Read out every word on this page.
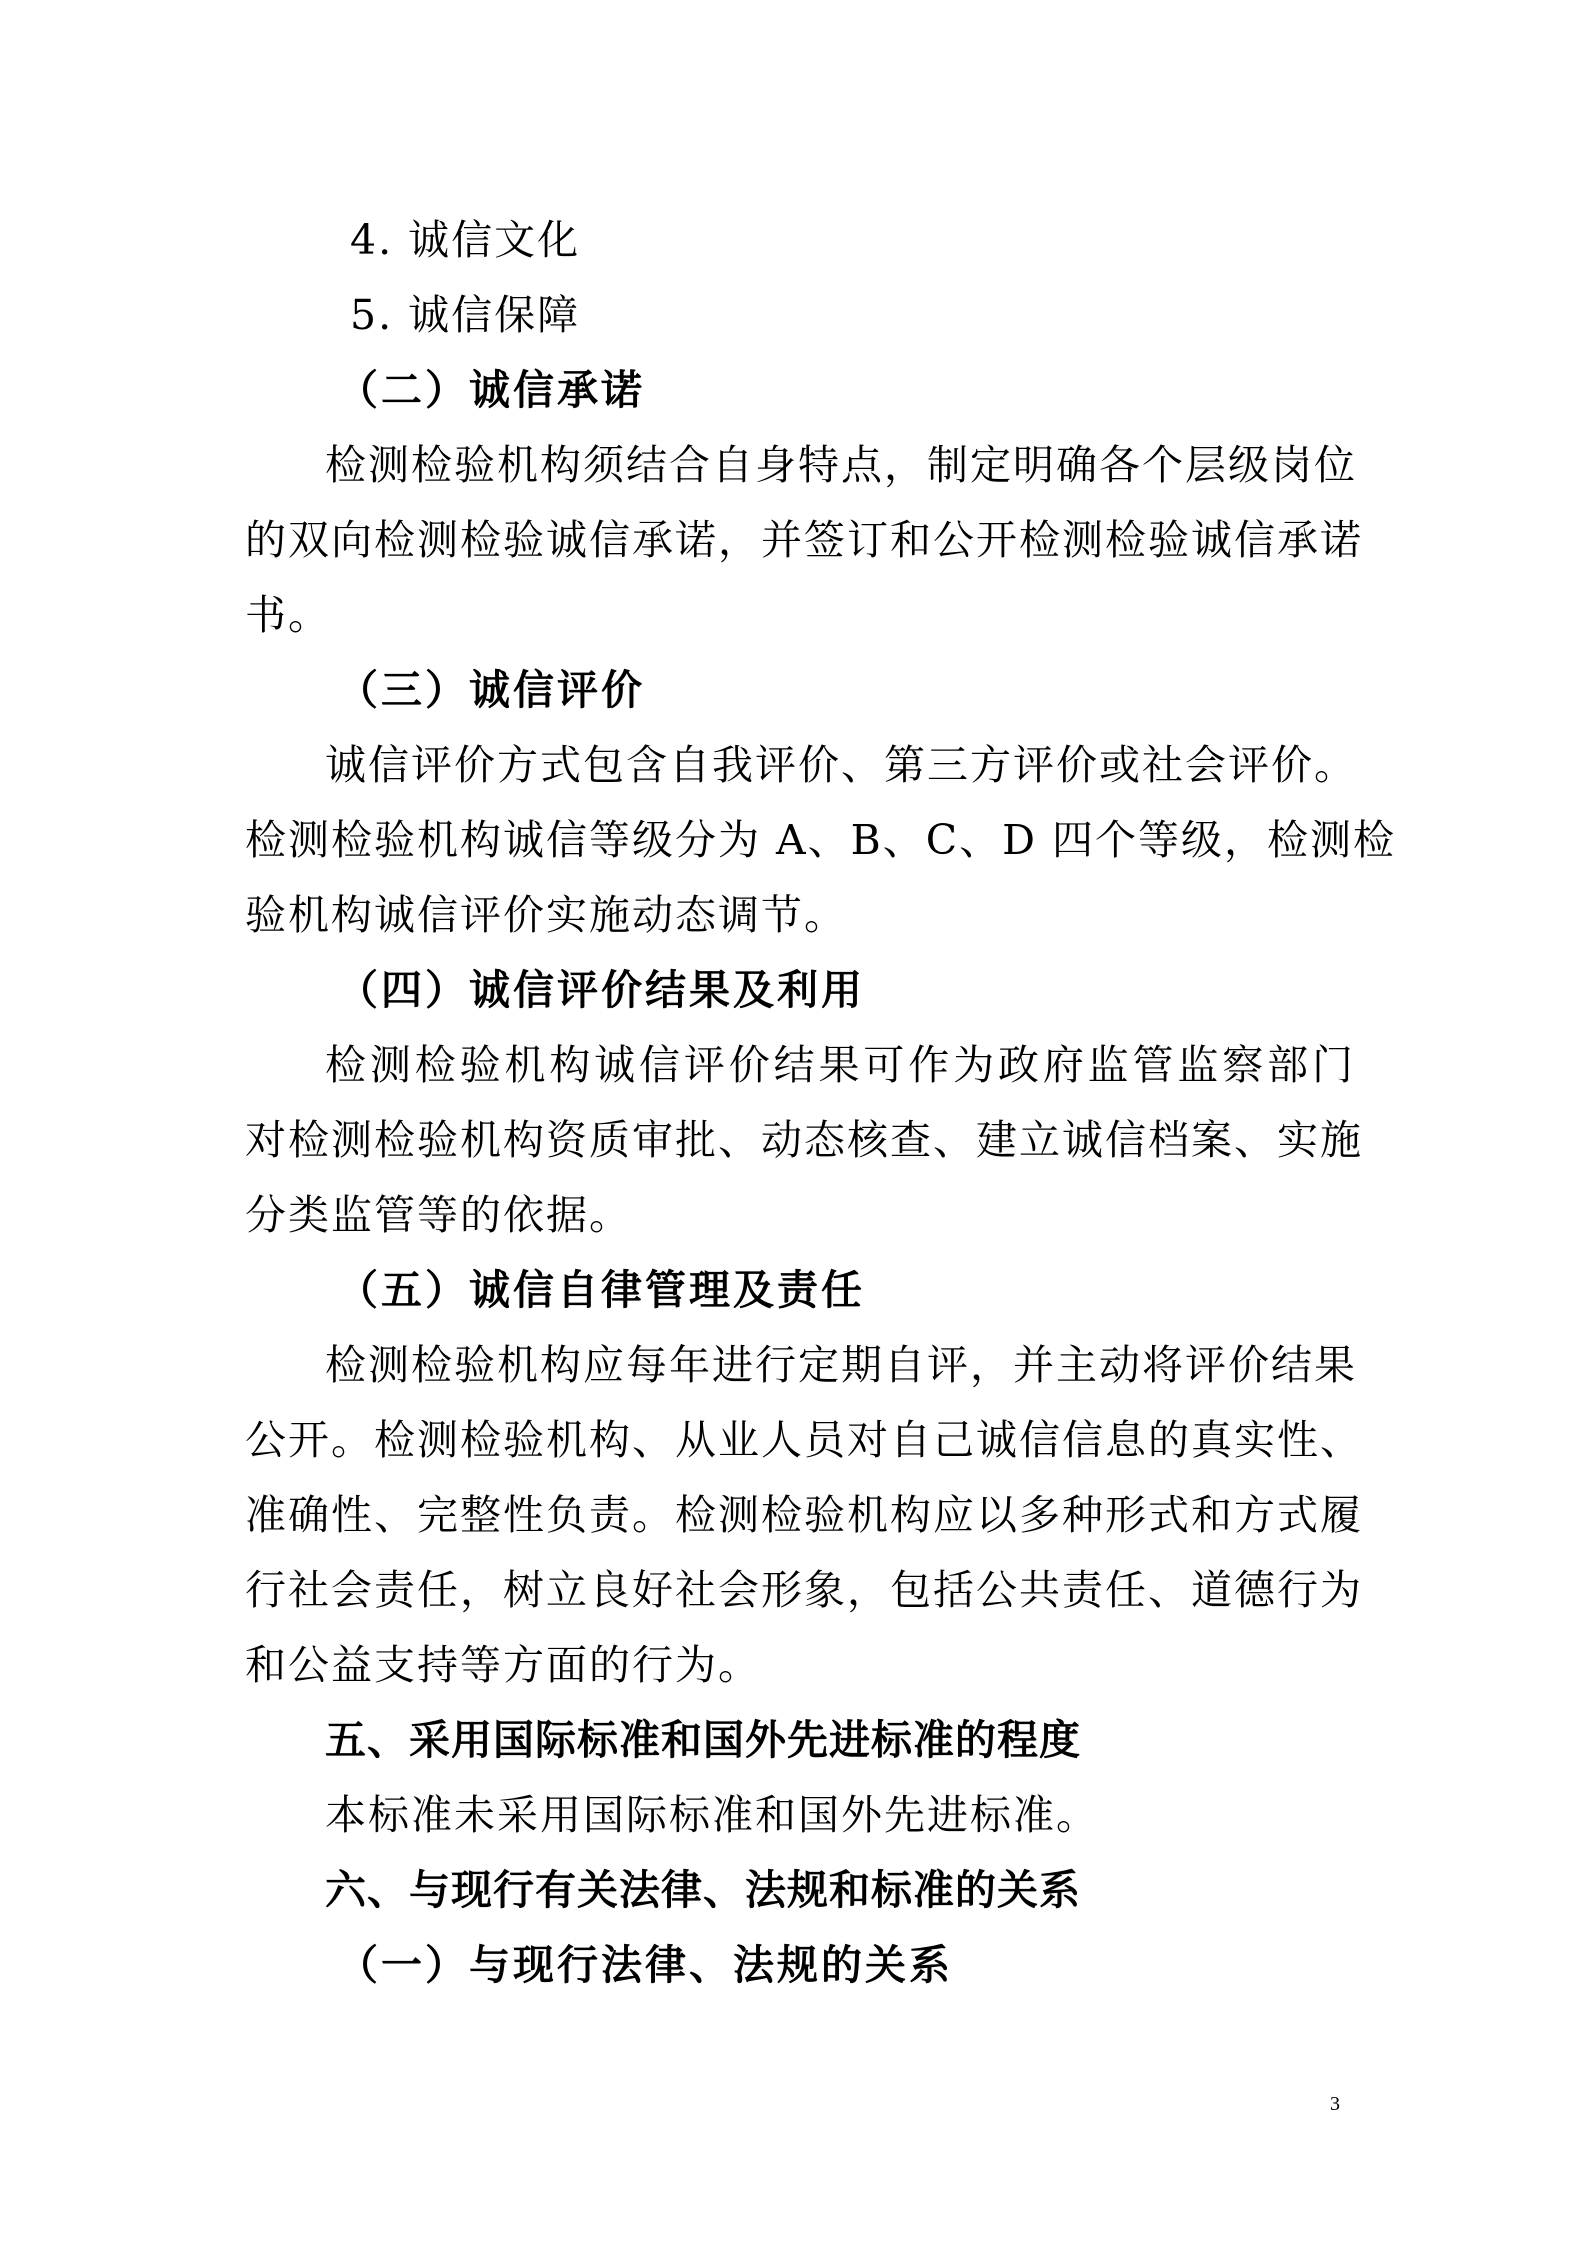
4. 诚信文化

5. 诚信保障

（二）诚信承诺

检测检验机构须结合自身特点，制定明确各个层级岗位

的双向检测检验诚信承诺，并签订和公开检测检验诚信承诺

书。

（三）诚信评价

诚信评价方式包含自我评价、第三方评价或社会评价。

检测检验机构诚信等级分为 A、B、C、D 四个等级，检测检

验机构诚信评价实施动态调节。

（四）诚信评价结果及利用

检测检验机构诚信评价结果可作为政府监管监察部门

对检测检验机构资质审批、动态核查、建立诚信档案、实施

分类监管等的依据。

（五）诚信自律管理及责任

检测检验机构应每年进行定期自评，并主动将评价结果

公开。检测检验机构、从业人员对自己诚信信息的真实性、

准确性、完整性负责。检测检验机构应以多种形式和方式履

行社会责任，树立良好社会形象，包括公共责任、道德行为

和公益支持等方面的行为。

五、采用国际标准和国外先进标准的程度

本标准未采用国际标准和国外先进标准。

六、与现行有关法律、法规和标准的关系

（一）与现行法律、法规的关系

3
